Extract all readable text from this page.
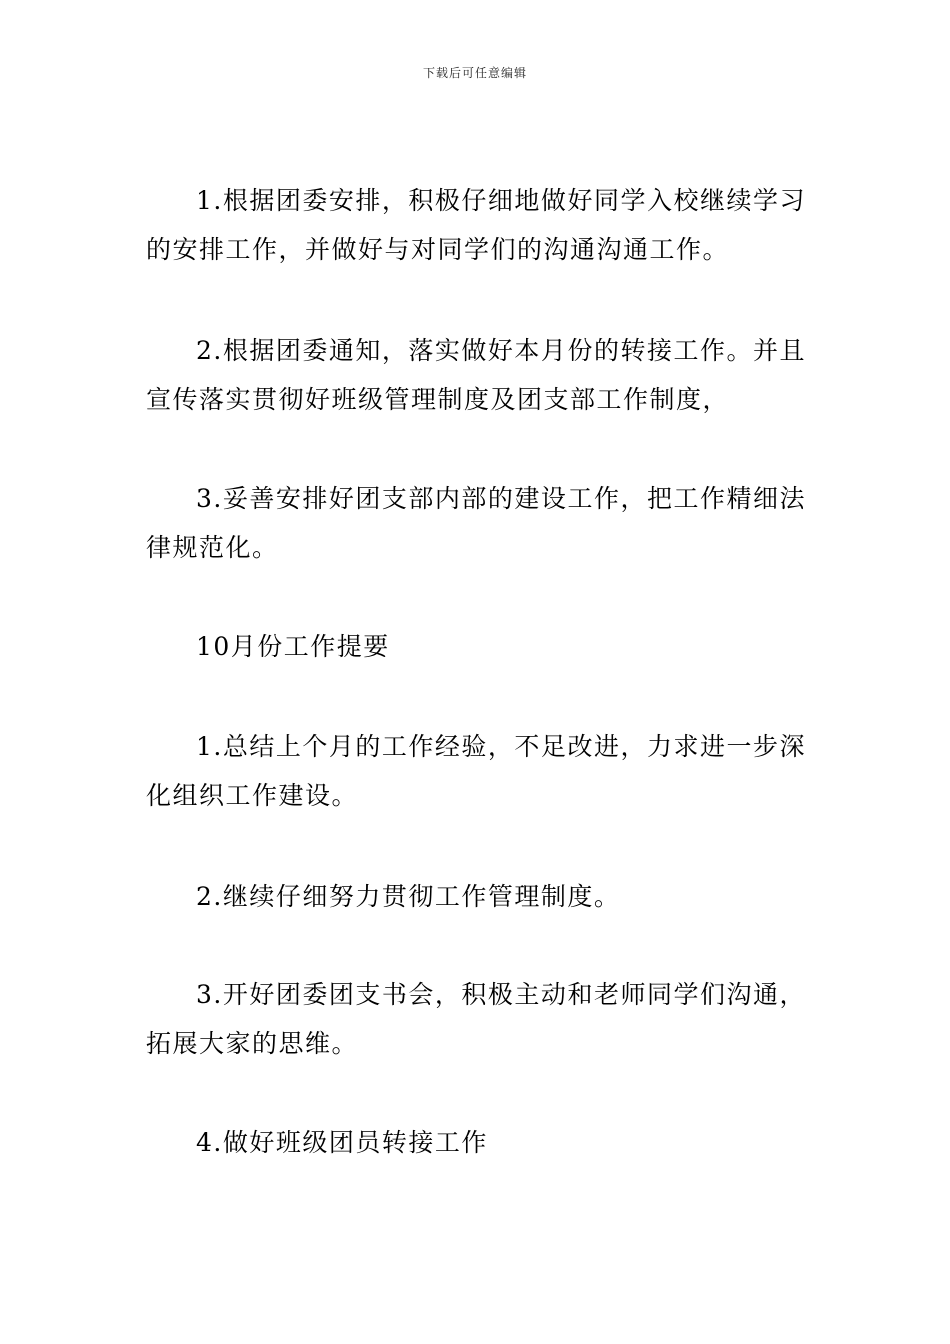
下载后可任意编辑

1.根据团委安排，积极仔细地做好同学入校继续学习的安排工作，并做好与对同学们的沟通沟通工作。

2.根据团委通知，落实做好本月份的转接工作。并且宣传落实贯彻好班级管理制度及团支部工作制度，

3.妥善安排好团支部内部的建设工作，把工作精细法律规范化。

10月份工作提要

1.总结上个月的工作经验，不足改进，力求进一步深化组织工作建设。

2.继续仔细努力贯彻工作管理制度。

3.开好团委团支书会，积极主动和老师同学们沟通，拓展大家的思维。

4.做好班级团员转接工作
